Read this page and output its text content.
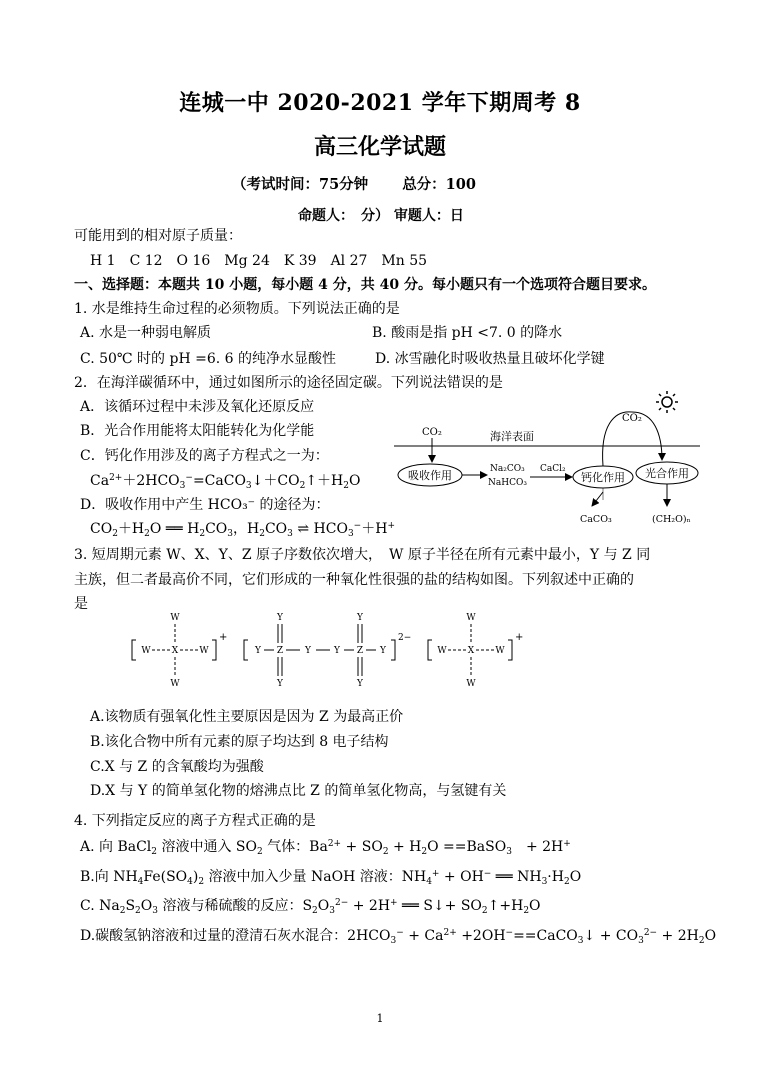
连城一中 2020-2021 学年下期周考 8
高三化学试题
（考试时间：75分钟 总分：100
命题人：　分） 审题人：日
可能用到的相对原子质量：
H 1　C 12　O 16　Mg 24　K 39　Al 27　Mn 55
一、选择题：本题共 10 小题，每小题 4 分，共 40 分。每小题只有一个选项符合题目要求。
1. 水是维持生命过程的必须物质。下列说法正确的是
A. 水是一种弱电解质	B. 酸雨是指 pH <7. 0 的降水
C. 50℃ 时的 pH =6. 6 的纯净水显酸性	D. 冰雪融化时吸收热量且破坏化学键
2．在海洋碳循环中，通过如图所示的途径固定碳。下列说法错误的是
A．该循环过程中未涉及氧化还原反应
B．光合作用能将太阳能转化为化学能
C．钙化作用涉及的离子方程式之一为：
$Ca^{2+}+2HCO_3^-=CaCO_3↓+CO_2↑+H_2O$
D．吸收作用中产生 HCO₃⁻ 的途径为：
$CO_2+H_2O$ ══ $H_2CO_3$，$H_2CO_3$ ⇌ $HCO_3^-+H^+$
海洋表面
CO₂
吸收作用	Na₂CO₃
NaHCO₃
CaCl₂
钙化作用
CaCO₃
CO₂
光合作用
(CH₂O)ₙ
3. 短周期元素 W、X、Y、Z 原子序数依次增大，　W 原子半径在所有元素中最小，Y 与 Z 同
主族，但二者最高价不同，它们形成的一种氧化性很强的盐的结构如图。下列叙述中正确的
是
W
W X W
W
+
Y
Y
Z
Y
Y	Y
Y
Z
Y
Y
2−
W
W X W
W
+
A.该物质有强氧化性主要原因是因为 Z 为最高正价
B.该化合物中所有元素的原子均达到 8 电子结构
C.X 与 Z 的含氧酸均为强酸
D.X 与 Y 的简单氢化物的熔沸点比 Z 的简单氢化物高，与氢键有关
4. 下列指定反应的离子方程式正确的是
A. 向 BaCl$_2$ 溶液中通入 $SO_2$ 气体：$Ba^{2+} + SO_2 + H_2O$ ==BaSO$_3$　+ 2H+
B.向 $NH_4Fe(SO_4)_2$ 溶液中加入少量 NaOH 溶液：$NH_4^+ + OH^-$ ══ $NH_3\cdot H_2O$
C. $Na_2S_2O_3$ 溶液与稀硫酸的反应：$S_2O_3^{2-} + 2H^+$ ══ S↓+ $SO_2↑+H_2O$
D.碳酸氢钠溶液和过量的澄清石灰水混合：$2HCO_3^- + Ca^{2+}$ +2OH−==CaCO$_3$↓ + $CO_3^{2-} + 2H_2O$
1
